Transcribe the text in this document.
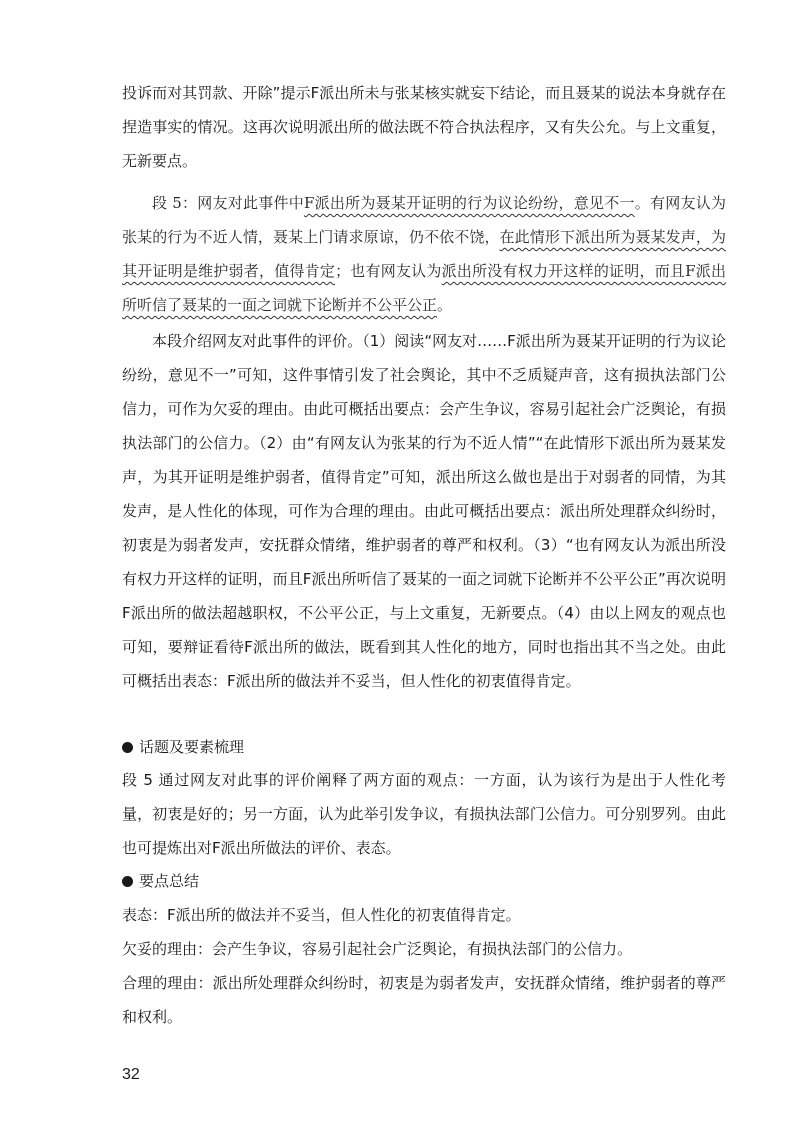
投诉而对其罚款、开除”提示F派出所未与张某核实就妄下结论，而且聂某的说法本身就存在捏造事实的情况。这再次说明派出所的做法既不符合执法程序，又有失公允。与上文重复，无新要点。
段 5：网友对此事件中F派出所为聂某开证明的行为议论纷纷，意见不一。有网友认为张某的行为不近人情，聂某上门请求原谅，仍不依不饶，在此情形下派出所为聂某发声，为其开证明是维护弱者，值得肯定；也有网友认为派出所没有权力开这样的证明，而且F派出所听信了聂某的一面之词就下论断并不公平公正。
本段介绍网友对此事件的评价。（1）阅读“网友对……F派出所为聂某开证明的行为议论纷纷，意见不一”可知，这件事情引发了社会舆论，其中不乏质疑声音，这有损执法部门公信力，可作为欠妥的理由。由此可概括出要点：会产生争议，容易引起社会广泛舆论，有损执法部门的公信力。（2）由“有网友认为张某的行为不近人情”“在此情形下派出所为聂某发声，为其开证明是维护弱者，值得肯定”可知，派出所这么做也是出于对弱者的同情，为其发声，是人性化的体现，可作为合理的理由。由此可概括出要点：派出所处理群众纠纷时，初衷是为弱者发声，安抚群众情绪，维护弱者的尊严和权利。（3）“也有网友认为派出所没有权力开这样的证明，而且F派出所听信了聂某的一面之词就下论断并不公平公正”再次说明F派出所的做法超越职权，不公平公正，与上文重复，无新要点。（4）由以上网友的观点也可知，要辩证看待F派出所的做法，既看到其人性化的地方，同时也指出其不当之处。由此可概括出表态：F派出所的做法并不妥当，但人性化的初衷值得肯定。
话题及要素梳理
段 5 通过网友对此事的评价阐释了两方面的观点：一方面，认为该行为是出于人性化考量，初衷是好的；另一方面，认为此举引发争议，有损执法部门公信力。可分别罗列。由此也可提炼出对F派出所做法的评价、表态。
要点总结
表态：F派出所的做法并不妥当，但人性化的初衷值得肯定。
欠妥的理由：会产生争议，容易引起社会广泛舆论，有损执法部门的公信力。
合理的理由：派出所处理群众纠纷时，初衷是为弱者发声，安抚群众情绪，维护弱者的尊严和权利。
32
